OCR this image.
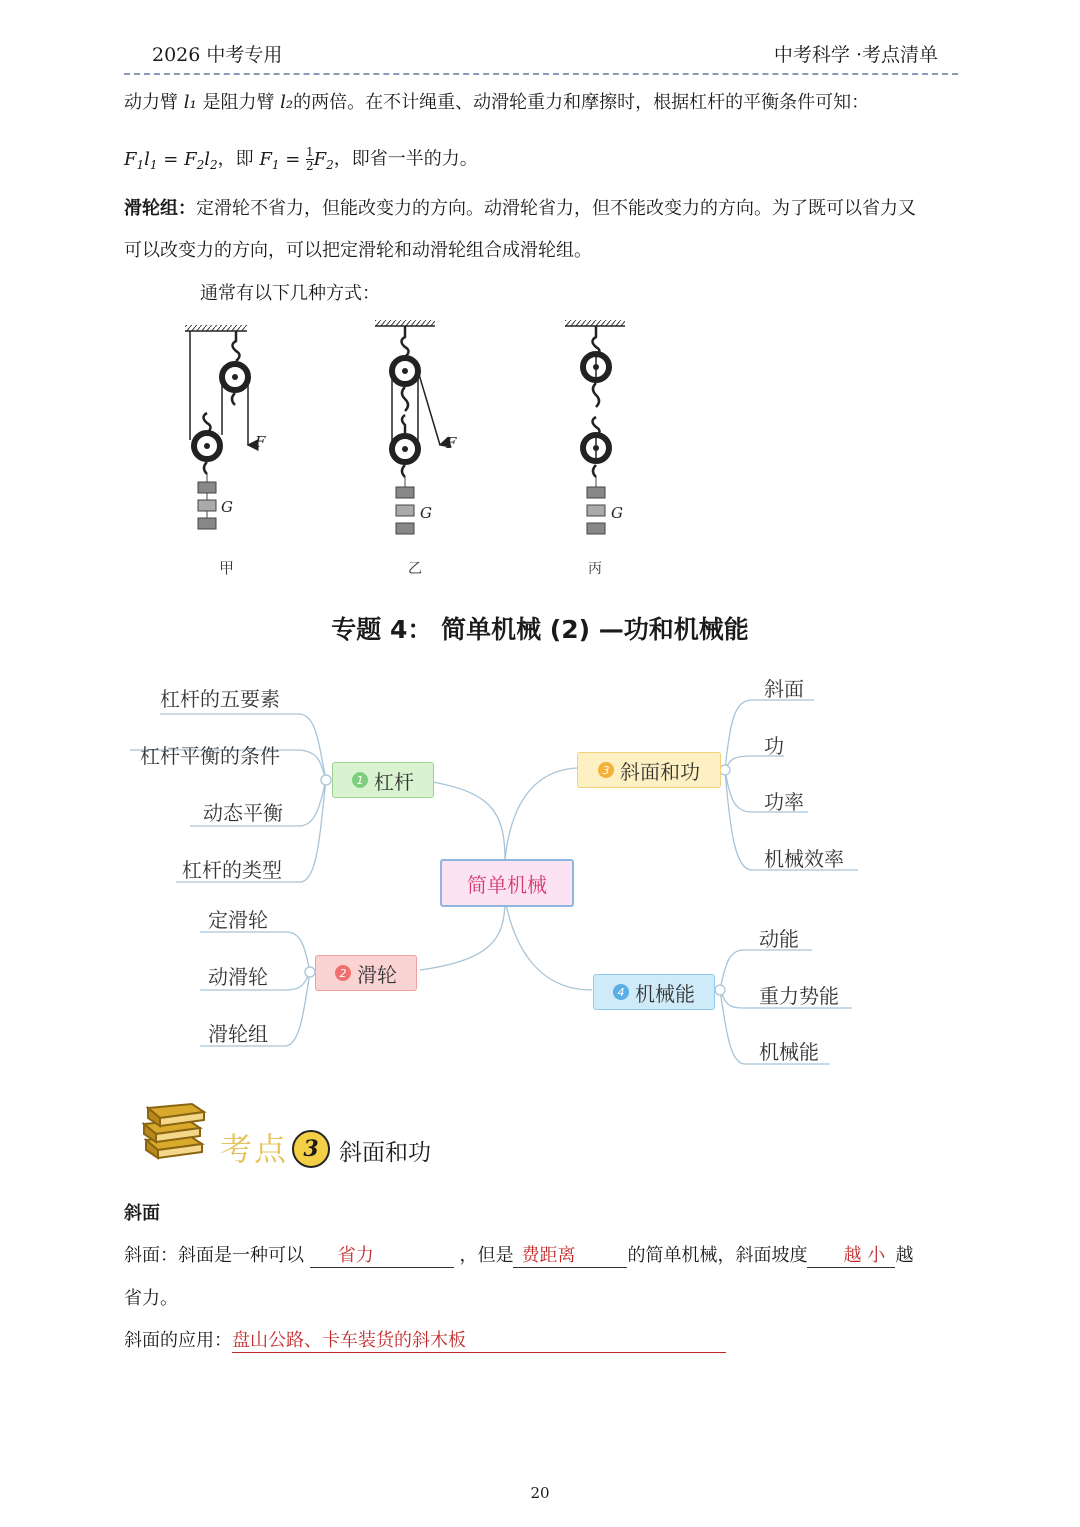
2026 中考专用	中考科学 ·考点清单
动力臂 l₁ 是阻力臂 l₂的两倍。在不计绳重、动滑轮重力和摩擦时，根据杠杆的平衡条件可知：
$F_1l_1 = F_2l_2$，即 $F_1 = \frac{1}{2} F_2$，即省一半的力。
滑轮组：定滑轮不省力，但能改变力的方向。动滑轮省力，但不能改变力的方向。为了既可以省力又
可以改变力的方向，可以把定滑轮和动滑轮组合成滑轮组。
通常有以下几种方式：
F
G
甲
F
G
乙
G
丙
专题 4： 简单机械 (2) —功和机械能
杠杆的五要素
杠杆平衡的条件
动态平衡
杠杆的类型
定滑轮
动滑轮
滑轮组
斜面
功
功率
机械效率
动能
重力势能
机械能
简单机械
1 杠杆
2 滑轮
3 斜面和功
4 机械能
考点 3 斜面和功
斜面
斜面：斜面是一种可以 省力	，但是 费距离	的简单机械，斜面坡度 越 小 越
省力。
斜面的应用：盘山公路、卡车装货的斜木板
20
